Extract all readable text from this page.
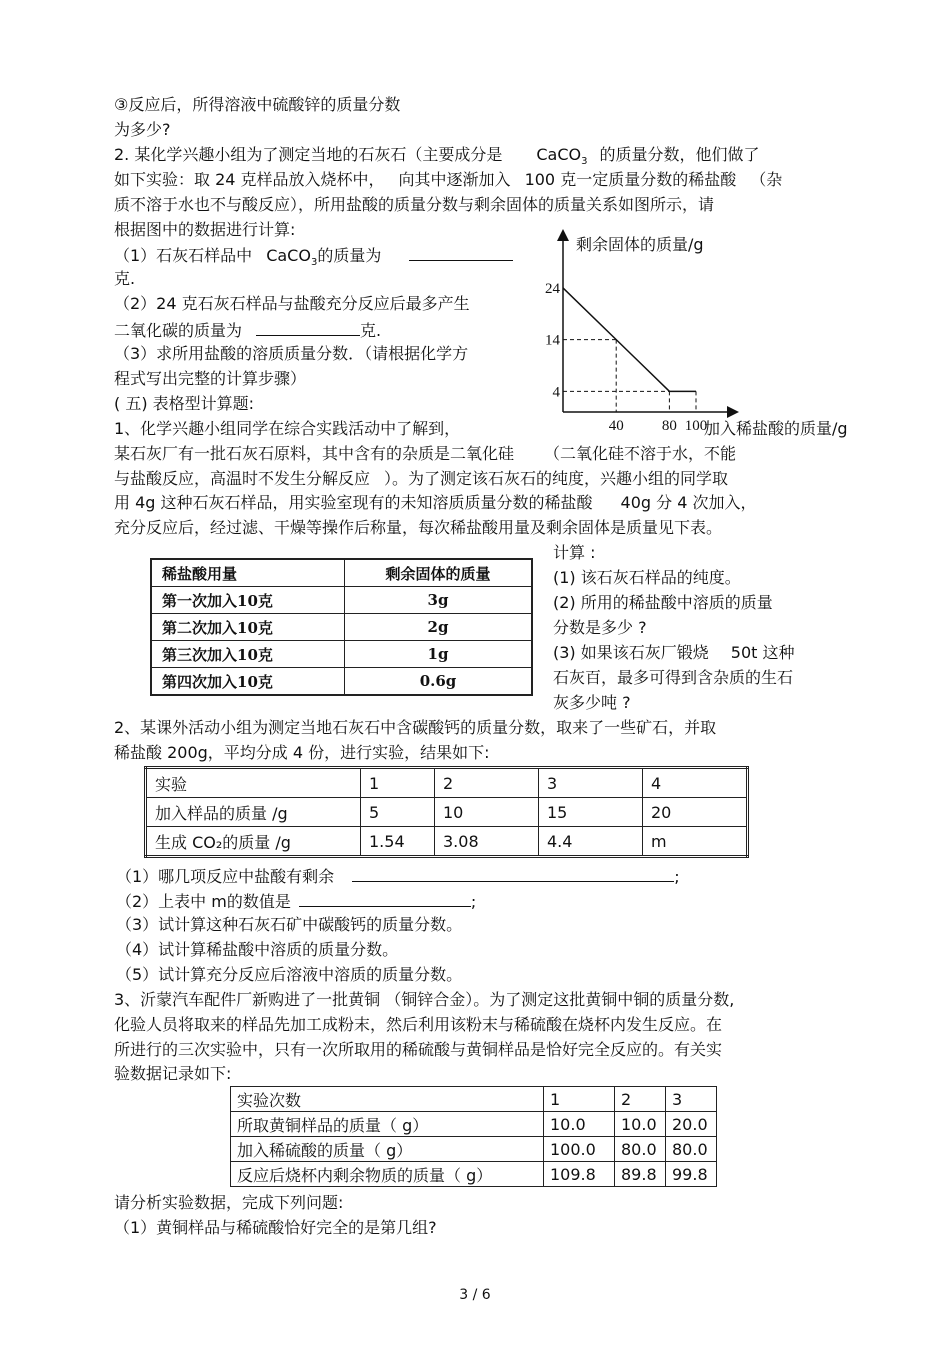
③反应后，所得溶液中硫酸锌的质量分数
为多少?
2. 某化学兴趣小组为了测定当地的石灰石（主要成分是 CaCO$_3$ 的质量分数，他们做了
如下实验：取 24 克样品放入烧杯中， 向其中逐渐加入 100 克一定质量分数的稀盐酸 （杂
质不溶于水也不与酸反应），所用盐酸的质量分数与剩余固体的质量关系如图所示，请
根据图中的数据进行计算:
（1）石灰石样品中 CaCO$_3$的质量为
克.
（2）24 克石灰石样品与盐酸充分反应后最多产生
二氧化碳的质量为	克.
（3）求所用盐酸的溶质质量分数．（请根据化学方
程式写出完整的计算步骤）
( 五) 表格型计算题:
1、化学兴趣小组同学在综合实践活动中了解到，
某石灰厂有一批石灰石原料，其中含有的杂质是二氧化硅 （二氧化硅不溶于水，不能
与盐酸反应，高温时不发生分解反应 ）。为了测定该石灰石的纯度，兴趣小组的同学取
用 4g 这种石灰石样品，用实验室现有的未知溶质质量分数的稀盐酸 40g 分 4 次加入，
充分反应后，经过滤、干燥等操作后称量，每次稀盐酸用量及剩余固体是质量见下表。
计算 :
(1) 该石灰石样品的纯度。
(2) 所用的稀盐酸中溶质的质量
分数是多少 ?
(3) 如果该石灰厂锻烧 50t 这种
石灰百，最多可得到含杂质的生石
灰多少吨 ?
剩余固体的质量/g
加入稀盐酸的质量/g
40	80 100
24
14
4
稀盐酸用量	剩余固体的质量
第一次加入10克	3g
第二次加入10克	2g
第三次加入10克	1g
第四次加入10克	0.6g
2、某课外活动小组为测定当地石灰石中含碳酸钙的质量分数，取来了一些矿石，并取
稀盐酸 200g，平均分成 4 份，进行实验，结果如下:
实验	1	2	3	4
加入样品的质量 /g	5	10	15	20
生成 CO₂的质量 /g	1.54	3.08	4.4	m
（1）哪几项反应中盐酸有剩余	;
（2）上表中 m的数值是	;
（3）试计算这种石灰石矿中碳酸钙的质量分数。
（4）试计算稀盐酸中溶质的质量分数。
（5）试计算充分反应后溶液中溶质的质量分数。
3、沂蒙汽车配件厂新购进了一批黄铜 （铜锌合金）。为了测定这批黄铜中铜的质量分数,
化验人员将取来的样品先加工成粉末，然后利用该粉末与稀硫酸在烧杯内发生反应。在
所进行的三次实验中，只有一次所取用的稀硫酸与黄铜样品是恰好完全反应的。有关实
验数据记录如下:
实验次数	1	2	3
所取黄铜样品的质量（ g）	10.0	10.0	20.0
加入稀硫酸的质量（ g）	100.0	80.0	80.0
反应后烧杯内剩余物质的质量（ g）	109.8	89.8	99.8
请分析实验数据，完成下列问题:
（1）黄铜样品与稀硫酸恰好完全的是第几组?
3 / 6
